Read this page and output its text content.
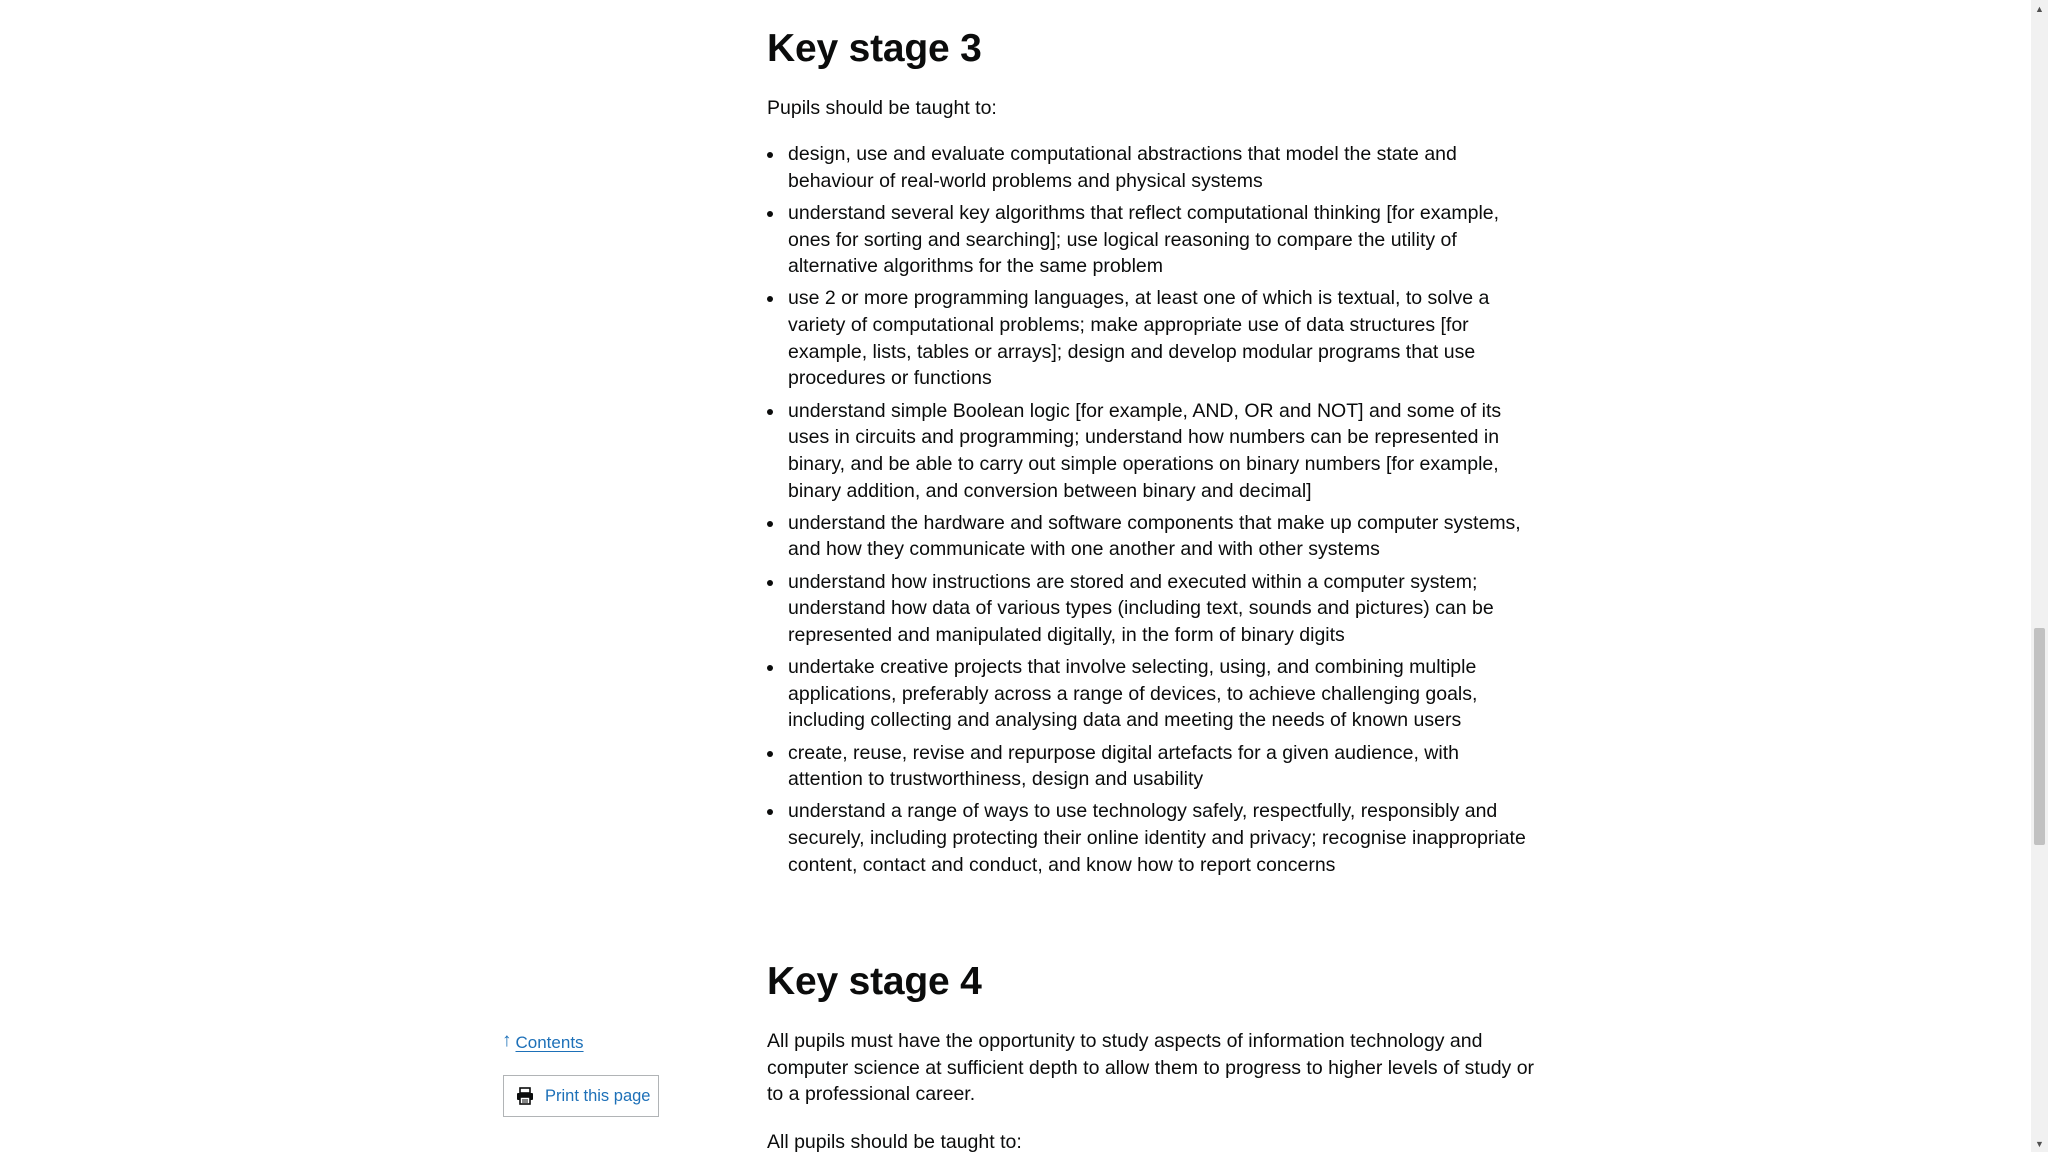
Key stage 3

Pupils should be taught to:

design, use and evaluate computational abstractions that model the state and behaviour of real-world problems and physical systems
understand several key algorithms that reflect computational thinking [for example, ones for sorting and searching]; use logical reasoning to compare the utility of alternative algorithms for the same problem
use 2 or more programming languages, at least one of which is textual, to solve a variety of computational problems; make appropriate use of data structures [for example, lists, tables or arrays]; design and develop modular programs that use procedures or functions
understand simple Boolean logic [for example, AND, OR and NOT] and some of its uses in circuits and programming; understand how numbers can be represented in binary, and be able to carry out simple operations on binary numbers [for example, binary addition, and conversion between binary and decimal]
understand the hardware and software components that make up computer systems, and how they communicate with one another and with other systems
understand how instructions are stored and executed within a computer system; understand how data of various types (including text, sounds and pictures) can be represented and manipulated digitally, in the form of binary digits
undertake creative projects that involve selecting, using, and combining multiple applications, preferably across a range of devices, to achieve challenging goals, including collecting and analysing data and meeting the needs of known users
create, reuse, revise and repurpose digital artefacts for a given audience, with attention to trustworthiness, design and usability
understand a range of ways to use technology safely, respectfully, responsibly and securely, including protecting their online identity and privacy; recognise inappropriate content, contact and conduct, and know how to report concerns
Key stage 4

All pupils must have the opportunity to study aspects of information technology and computer science at sufficient depth to allow them to progress to higher levels of study or to a professional career.

All pupils should be taught to:

↑ Contents
Print this page
▲
▼
